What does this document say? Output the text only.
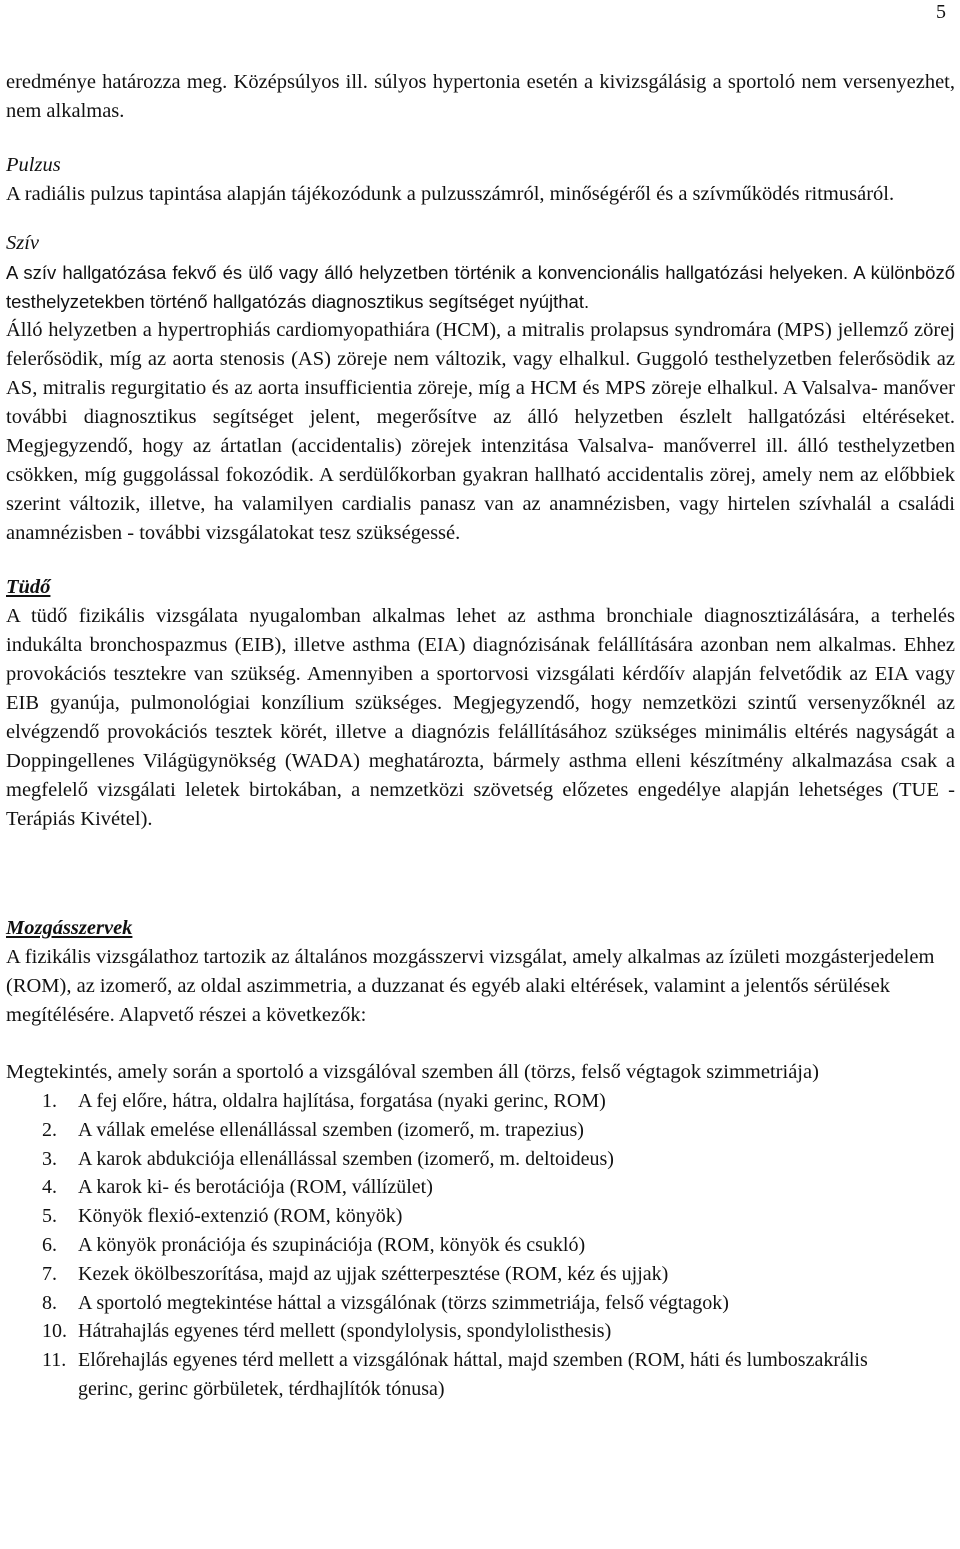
5

eredménye határozza meg. Középsúlyos ill. súlyos hypertonia esetén a kivizsgálásig a sportoló nem versenyezhet, nem alkalmas.

Pulzus

A radiális pulzus tapintása alapján tájékozódunk a pulzusszámról, minőségéről és a szívműködés ritmusáról.

Szív

A szív hallgatózása fekvő és ülő vagy álló helyzetben történik a konvencionális hallgatózási helyeken. A különböző testhelyzetekben történő hallgatózás diagnosztikus segítséget nyújthat.

Álló helyzetben a hypertrophiás cardiomyopathiára (HCM), a mitralis prolapsus syndromára (MPS) jellemző zörej felerősödik, míg az aorta stenosis (AS) zöreje nem változik, vagy elhalkul. Guggoló testhelyzetben felerősödik az AS, mitralis regurgitatio és az aorta insufficientia zöreje, míg a HCM és MPS zöreje elhalkul. A Valsalva- manőver további diagnosztikus segítséget jelent, megerősítve az álló helyzetben észlelt hallgatózási eltéréseket. Megjegyzendő, hogy az ártatlan (accidentalis) zörejek intenzitása Valsalva- manőverrel ill. álló testhelyzetben csökken, míg guggolással fokozódik. A serdülőkorban gyakran hallható accidentalis zörej, amely nem az előbbiek szerint változik, illetve, ha valamilyen cardialis panasz van az anamnézisben, vagy hirtelen szívhalál a családi anamnézisben - további vizsgálatokat tesz szükségessé.

Tüdő

A tüdő fizikális vizsgálata nyugalomban alkalmas lehet az asthma bronchiale diagnosztizálására, a terhelés indukálta bronchospazmus (EIB), illetve asthma (EIA) diagnózisának felállítására azonban nem alkalmas. Ehhez provokációs tesztekre van szükség. Amennyiben a sportorvosi vizsgálati kérdőív alapján felvetődik az EIA vagy EIB gyanúja, pulmonológiai konzílium szükséges. Megjegyzendő, hogy nemzetközi szintű versenyzőknél az elvégzendő provokációs tesztek körét, illetve a diagnózis felállításához szükséges minimális eltérés nagyságát a Doppingellenes Világügynökség (WADA) meghatározta, bármely asthma elleni készítmény alkalmazása csak a megfelelő vizsgálati leletek birtokában, a nemzetközi szövetség előzetes engedélye alapján lehetséges (TUE - Terápiás Kivétel).

Mozgásszervek

A fizikális vizsgálathoz tartozik az általános mozgásszervi vizsgálat, amely alkalmas az ízületi mozgásterjedelem (ROM), az izomerő, az oldal aszimmetria, a duzzanat és egyéb alaki eltérések, valamint a jelentős sérülések megítélésére. Alapvető részei a következők:

Megtekintés, amely során a sportoló a vizsgálóval szemben áll (törzs, felső végtagok szimmetriája)

1.	A fej előre, hátra, oldalra hajlítása, forgatása (nyaki gerinc, ROM)
2.	A vállak emelése ellenállással szemben (izomerő, m. trapezius)
3.	A karok abdukciója ellenállással szemben (izomerő, m. deltoideus)
4.	A karok ki- és berotációja (ROM, vállízület)
5.	Könyök flexió-extenzió (ROM, könyök)
6.	A könyök pronációja és szupinációja (ROM, könyök és csukló)
7.	Kezek ökölbeszorítása, majd az ujjak szétterpesztése (ROM, kéz és ujjak)
8.	A sportoló megtekintése háttal a vizsgálónak (törzs szimmetriája, felső végtagok)
10. Hátrahajlás egyenes térd mellett (spondylolysis, spondylolisthesis)
11. Előrehajlás egyenes térd mellett a vizsgálónak háttal, majd szemben (ROM, háti és lumboszakrális gerinc, gerinc görbületek, térdhajlítók tónusa)
